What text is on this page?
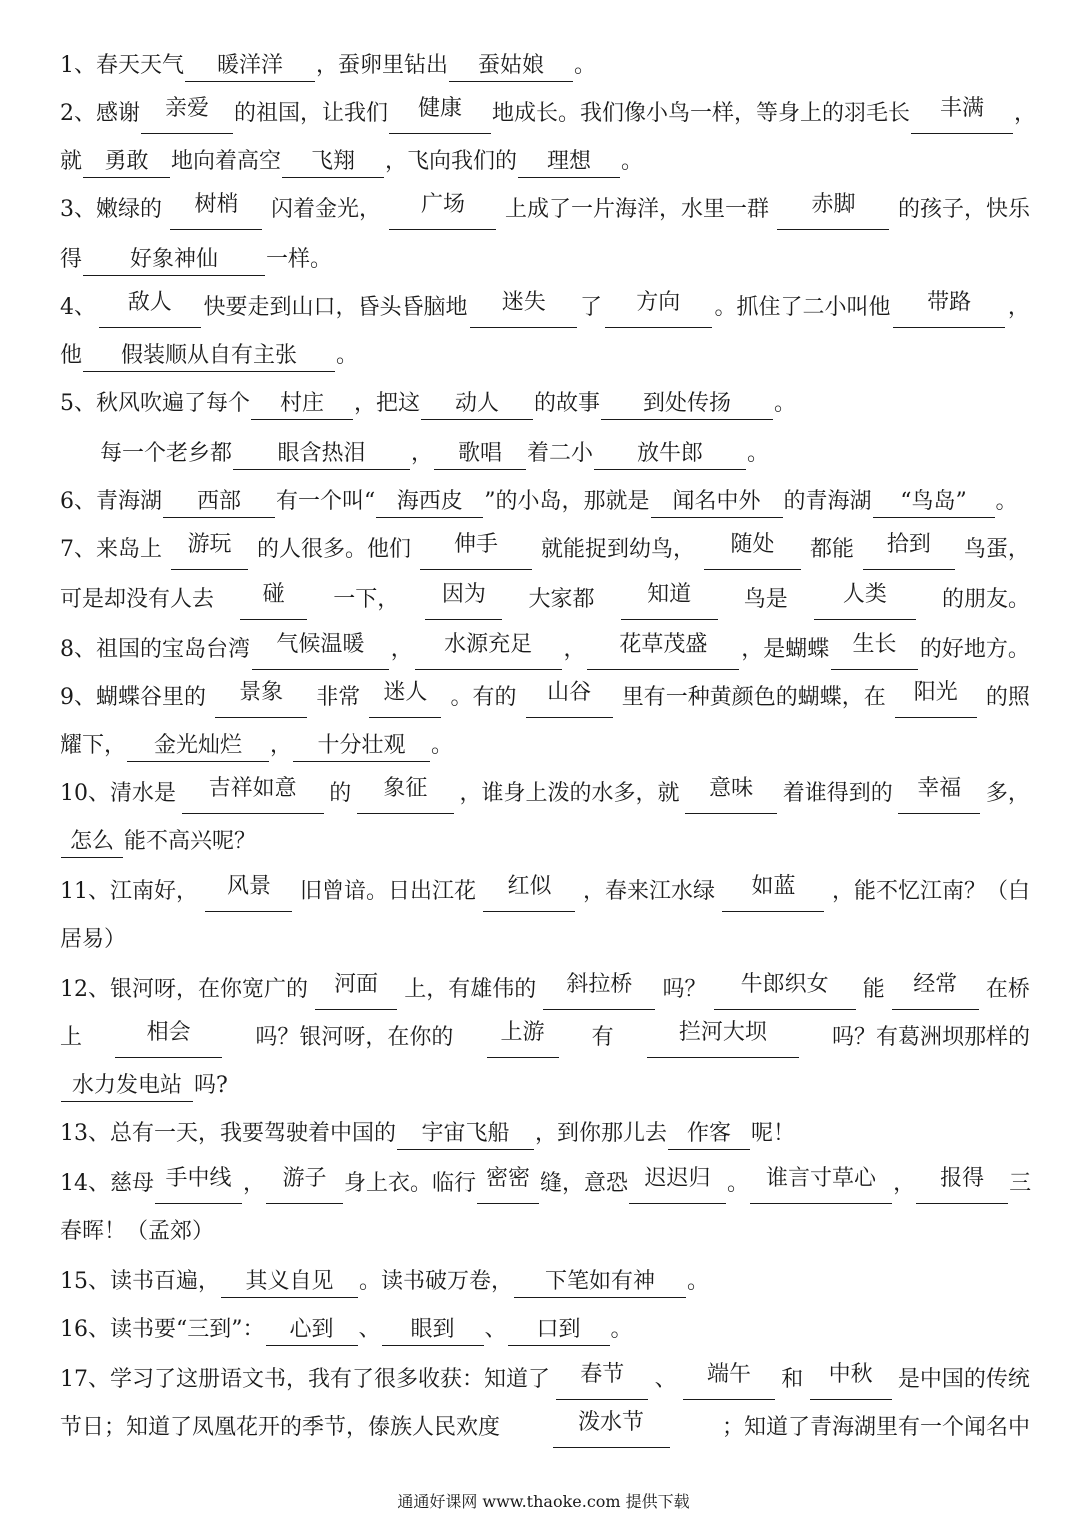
1、春天天气 暖洋洋 ，蚕卵里钻出 蚕姑娘 。
2、感谢	亲爱	的祖国，让我们	健康	地成长。我们像小鸟一样，等身上的羽毛长	丰满	，
就 勇敢 地向着高空 飞翔 ，飞向我们的 理想 。
3、嫩绿的	树梢	闪着金光，	广场	上成了一片海洋，水里一群	赤脚	的孩子，快乐
得 好象神仙 一样。
4、	敌人	快要走到山口，昏头昏脑地	迷失	了	方向	。抓住了二小叫他	带路	，
他 假装顺从自有主张 。
5、秋风吹遍了每个 村庄 ，把这 动人 的故事 到处传扬 。
每一个老乡都 眼含热泪 ， 歌唱 着二小 放牛郎 。
6、青海湖 西部 有一个叫“ 海西皮 ”的小岛，那就是 闻名中外 的青海湖 “鸟岛” 。
7、来岛上	游玩	的人很多。他们	伸手	就能捉到幼鸟，	随处	都能	拾到	鸟蛋，
可是却没有人去	碰	一下，	因为	大家都	知道	鸟是	人类	的朋友。
8、祖国的宝岛台湾	气候温暖	，	水源充足	，	花草茂盛	，是蝴蝶	生长	的好地方。
9、蝴蝶谷里的	景象	非常	迷人	。有的	山谷	里有一种黄颜色的蝴蝶，在	阳光	的照
耀下， 金光灿烂 ， 十分壮观 。
10、清水是	吉祥如意	的	象征	，谁身上泼的水多，就	意味	着谁得到的	幸福	多，
怎么 能不高兴呢？
11、江南好，	风景	旧曾谙。日出江花	红似	，春来江水绿	如蓝	，能不忆江南？（白
居易）
12、银河呀，在你宽广的	河面	上，有雄伟的	斜拉桥	吗？	牛郎织女	能	经常	在桥
上	相会	吗？银河呀，在你的	上游	有	拦河大坝	吗？有葛洲坝那样的
水力发电站 吗?
13、总有一天，我要驾驶着中国的 宇宙飞船 ，到你那儿去 作客 呢！
14、慈母 手中线 ， 游子 身上衣。临行 密密 缝，意恐 迟迟归 。 谁言寸草心 ，	报得	三
春晖！（孟郊）
15、读书百遍， 其义自见 。读书破万卷， 下笔如有神 。
16、读书要“三到”： 心到 、 眼到 、 口到 。
17、学习了这册语文书，我有了很多收获：知道了	春节	、	端午	和	中秋	是中国的传统
节日；知道了凤凰花开的季节，傣族人民欢度	泼水节	；知道了青海湖里有一个闻名中
通通好课网 www.thaoke.com 提供下载
